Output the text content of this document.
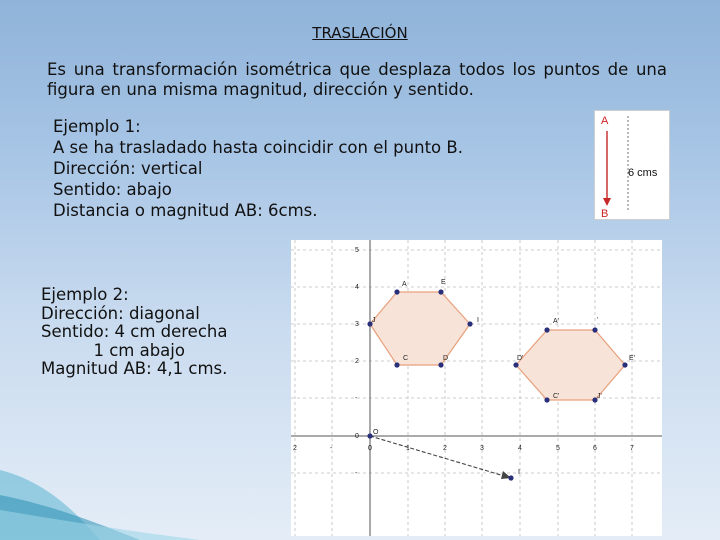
TRASLACIÓN
Es una transformación isométrica que desplaza todos los puntos de una figura en una misma magnitud, dirección y sentido.
Ejemplo 1:
A se ha trasladado hasta coincidir con el punto B.
Dirección: vertical
Sentido: abajo
Distancia o magnitud AB: 6cms.
A
B
6 cms
Ejemplo 2:
Dirección: diagonal
Sentido: 4 cm derecha
1 cm abajo
Magnitud AB: 4,1 cms.
5
4
3
2
-
0
-
2	-	0	1	2	3	4	5	6	7
O
I
A	E
I
D
C
J	A'	'
E'
J'
C'
D'
